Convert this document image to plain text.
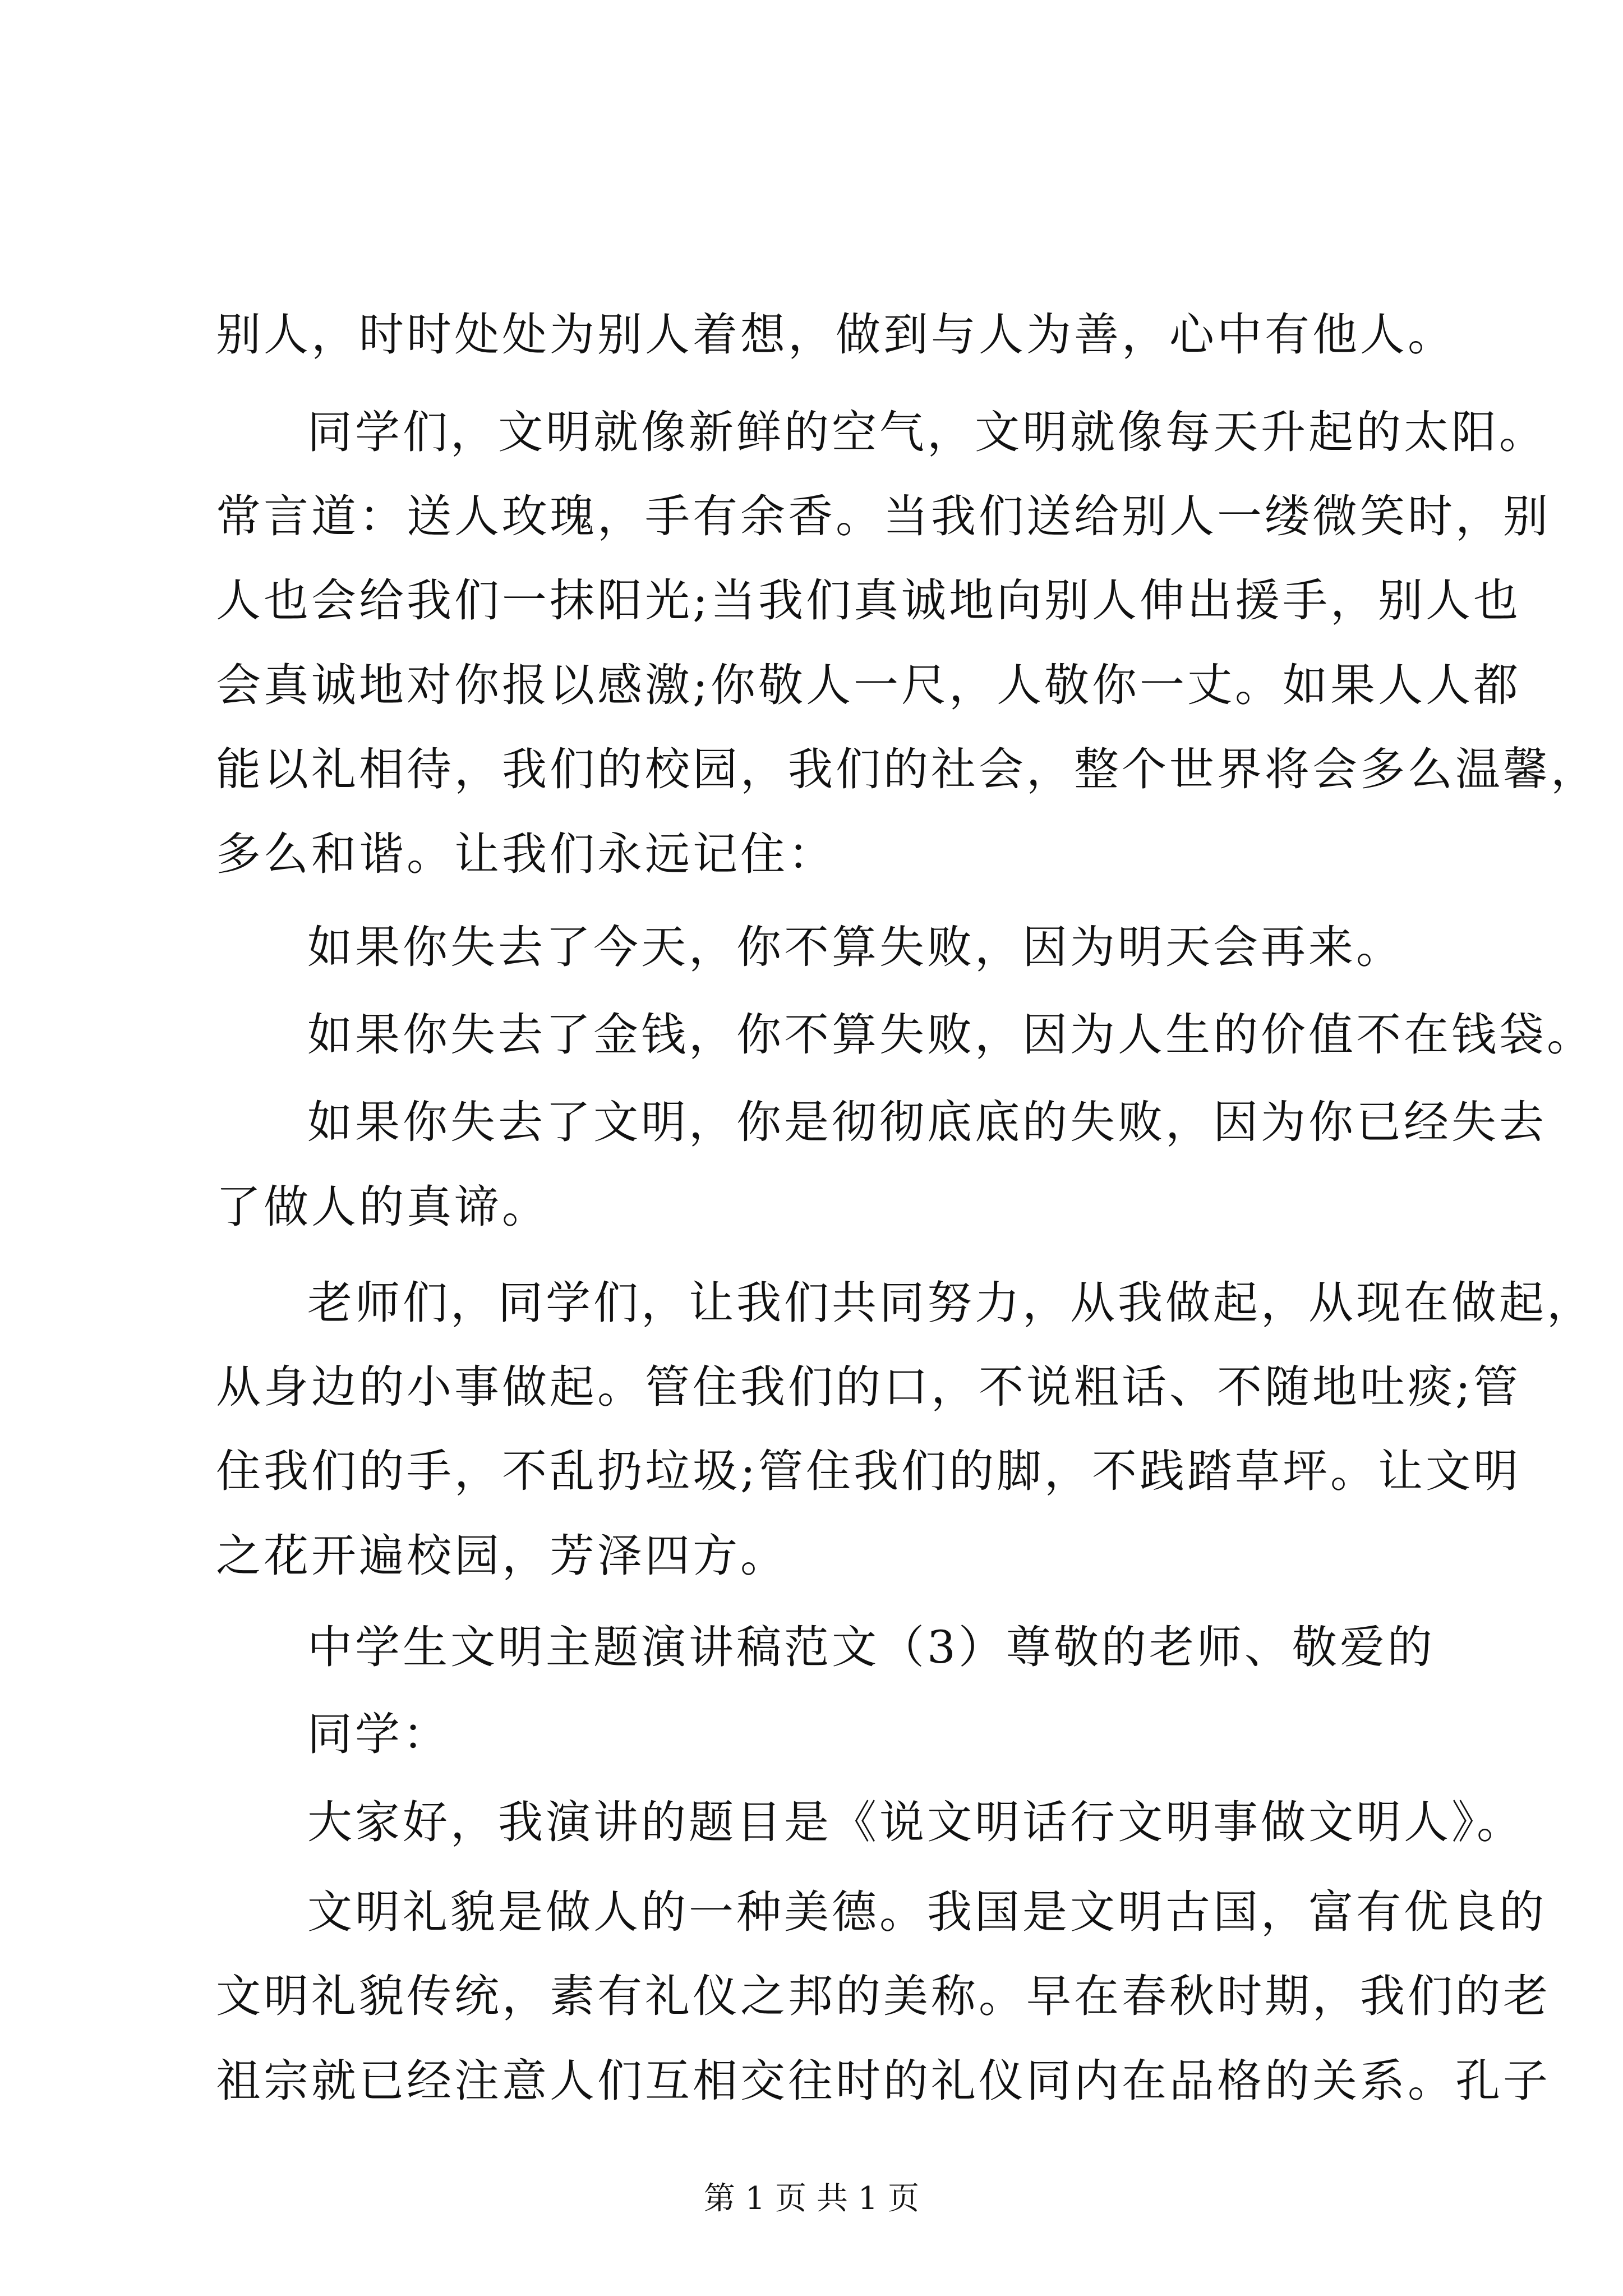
别人，时时处处为别人着想，做到与人为善，心中有他人。
同学们，文明就像新鲜的空气，文明就像每天升起的太阳。
常言道：送人玫瑰，手有余香。当我们送给别人一缕微笑时，别
人也会给我们一抹阳光;当我们真诚地向别人伸出援手，别人也
会真诚地对你报以感激;你敬人一尺，人敬你一丈。如果人人都
能以礼相待，我们的校园，我们的社会，整个世界将会多么温馨，
多么和谐。让我们永远记住：
如果你失去了今天，你不算失败，因为明天会再来。
如果你失去了金钱，你不算失败，因为人生的价值不在钱袋。
如果你失去了文明，你是彻彻底底的失败，因为你已经失去
了做人的真谛。
老师们，同学们，让我们共同努力，从我做起，从现在做起，
从身边的小事做起。管住我们的口，不说粗话、不随地吐痰;管
住我们的手，不乱扔垃圾;管住我们的脚，不践踏草坪。让文明
之花开遍校园，芳泽四方。
中学生文明主题演讲稿范文（3）尊敬的老师、敬爱的
同学：
大家好，我演讲的题目是《说文明话行文明事做文明人》。
文明礼貌是做人的一种美德。我国是文明古国，富有优良的
文明礼貌传统，素有礼仪之邦的美称。早在春秋时期，我们的老
祖宗就已经注意人们互相交往时的礼仪同内在品格的关系。孔子
第 1 页 共 1 页
